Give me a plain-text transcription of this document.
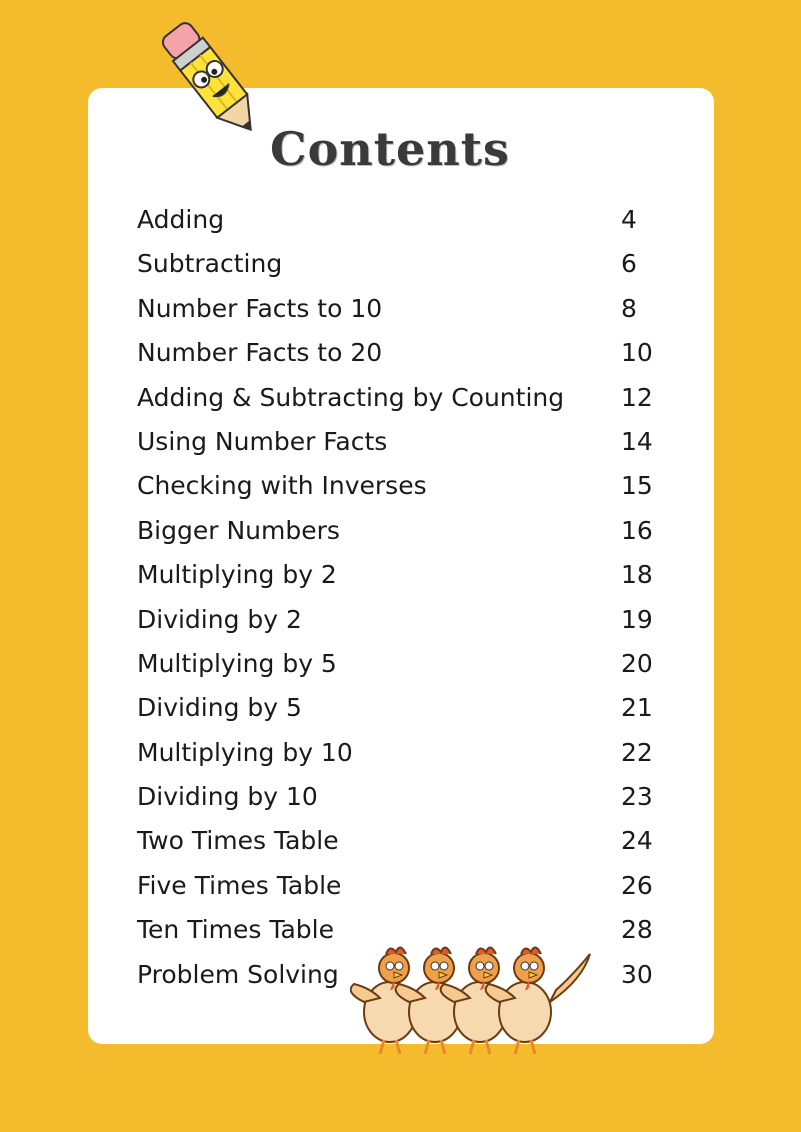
Contents
Adding	4
Subtracting	6
Number Facts to 10	8
Number Facts to 20	10
Adding & Subtracting by Counting 12
Using Number Facts	14
Checking with Inverses	15
Bigger Numbers	16
Multiplying by 2	18
Dividing by 2	19
Multiplying by 5	20
Dividing by 5	21
Multiplying by 10	22
Dividing by 10	23
Two Times Table	24
Five Times Table	26
Ten Times Table	28
Problem Solving	30
